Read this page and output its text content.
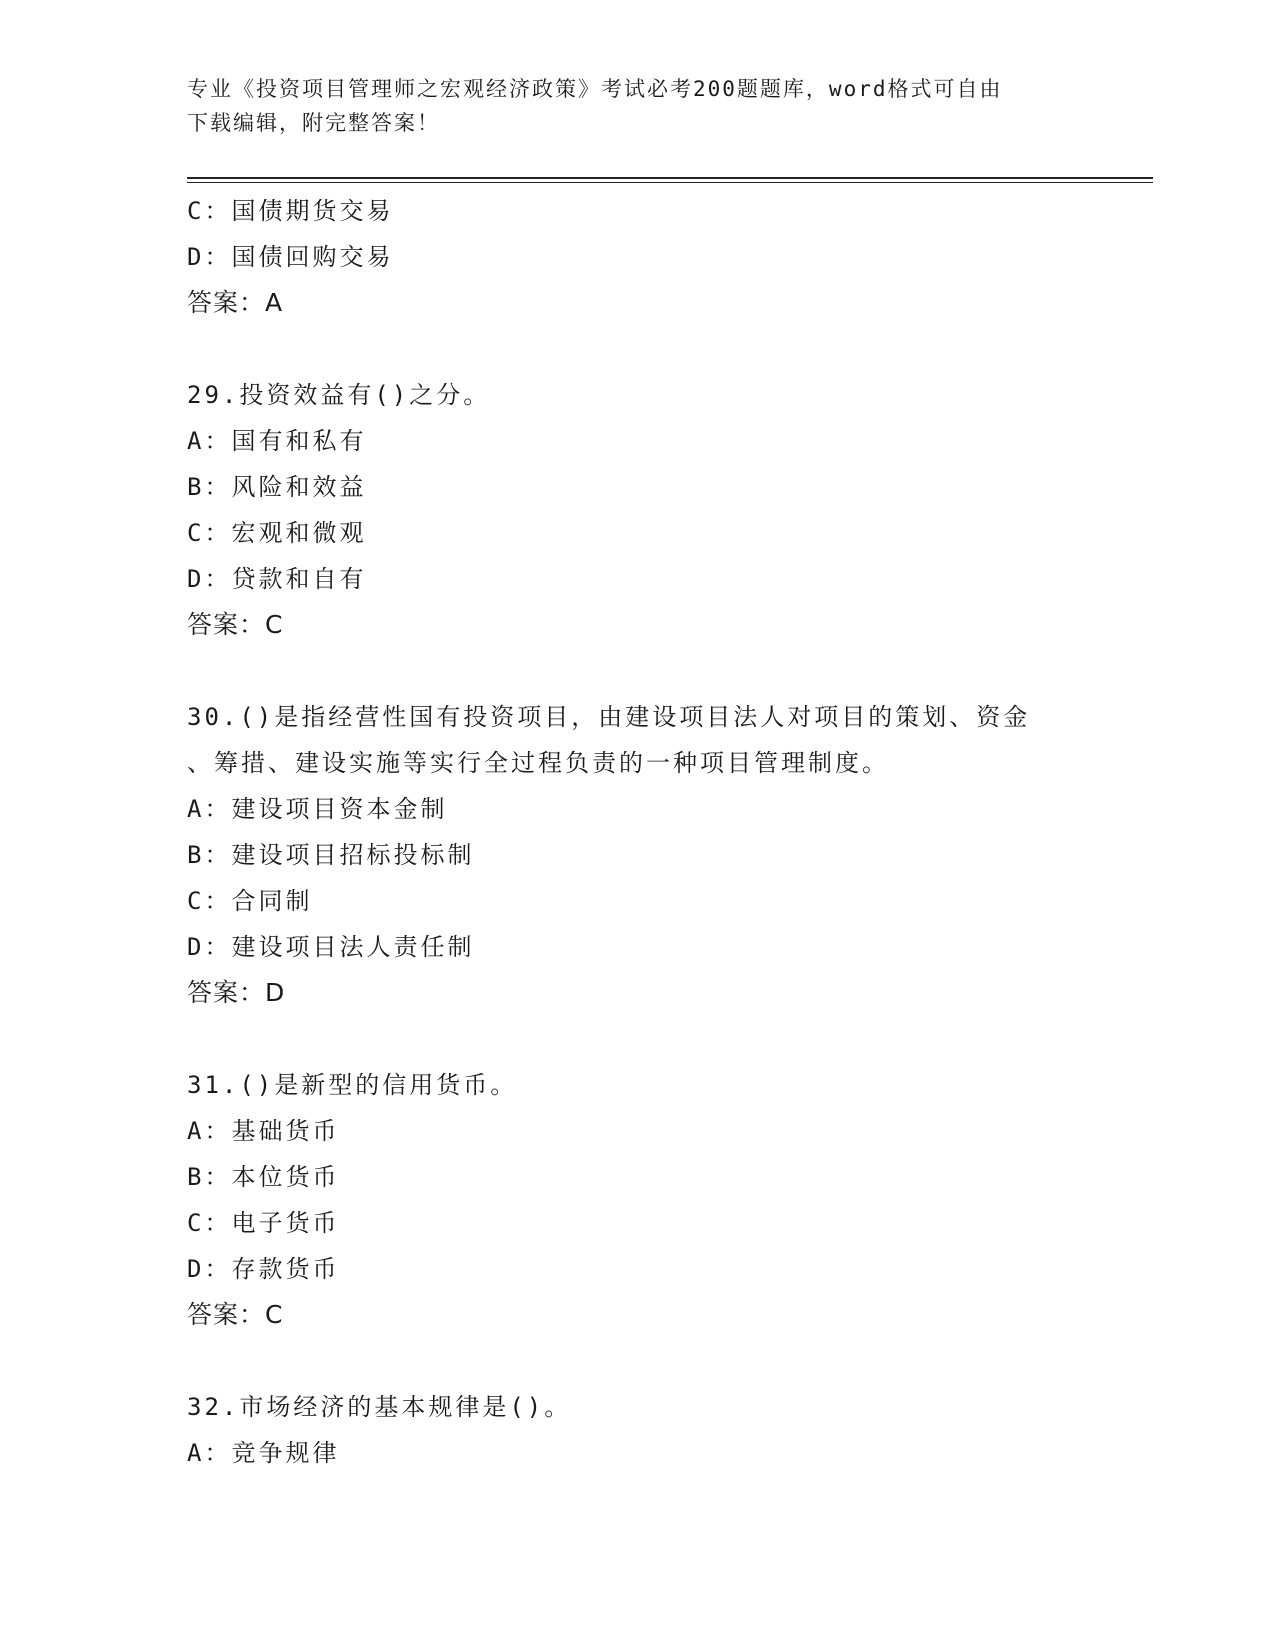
专业《投资项目管理师之宏观经济政策》考试必考200题题库，word格式可自由
下载编辑，附完整答案！
C：国债期货交易
D：国债回购交易
答案：A
29.投资效益有()之分。
A：国有和私有
B：风险和效益
C：宏观和微观
D：贷款和自有
答案：C
30.()是指经营性国有投资项目，由建设项目法人对项目的策划、资金
、筹措、建设实施等实行全过程负责的一种项目管理制度。
A：建设项目资本金制
B：建设项目招标投标制
C：合同制
D：建设项目法人责任制
答案：D
31.()是新型的信用货币。
A：基础货币
B：本位货币
C：电子货币
D：存款货币
答案：C
32.市场经济的基本规律是()。
A：竞争规律
